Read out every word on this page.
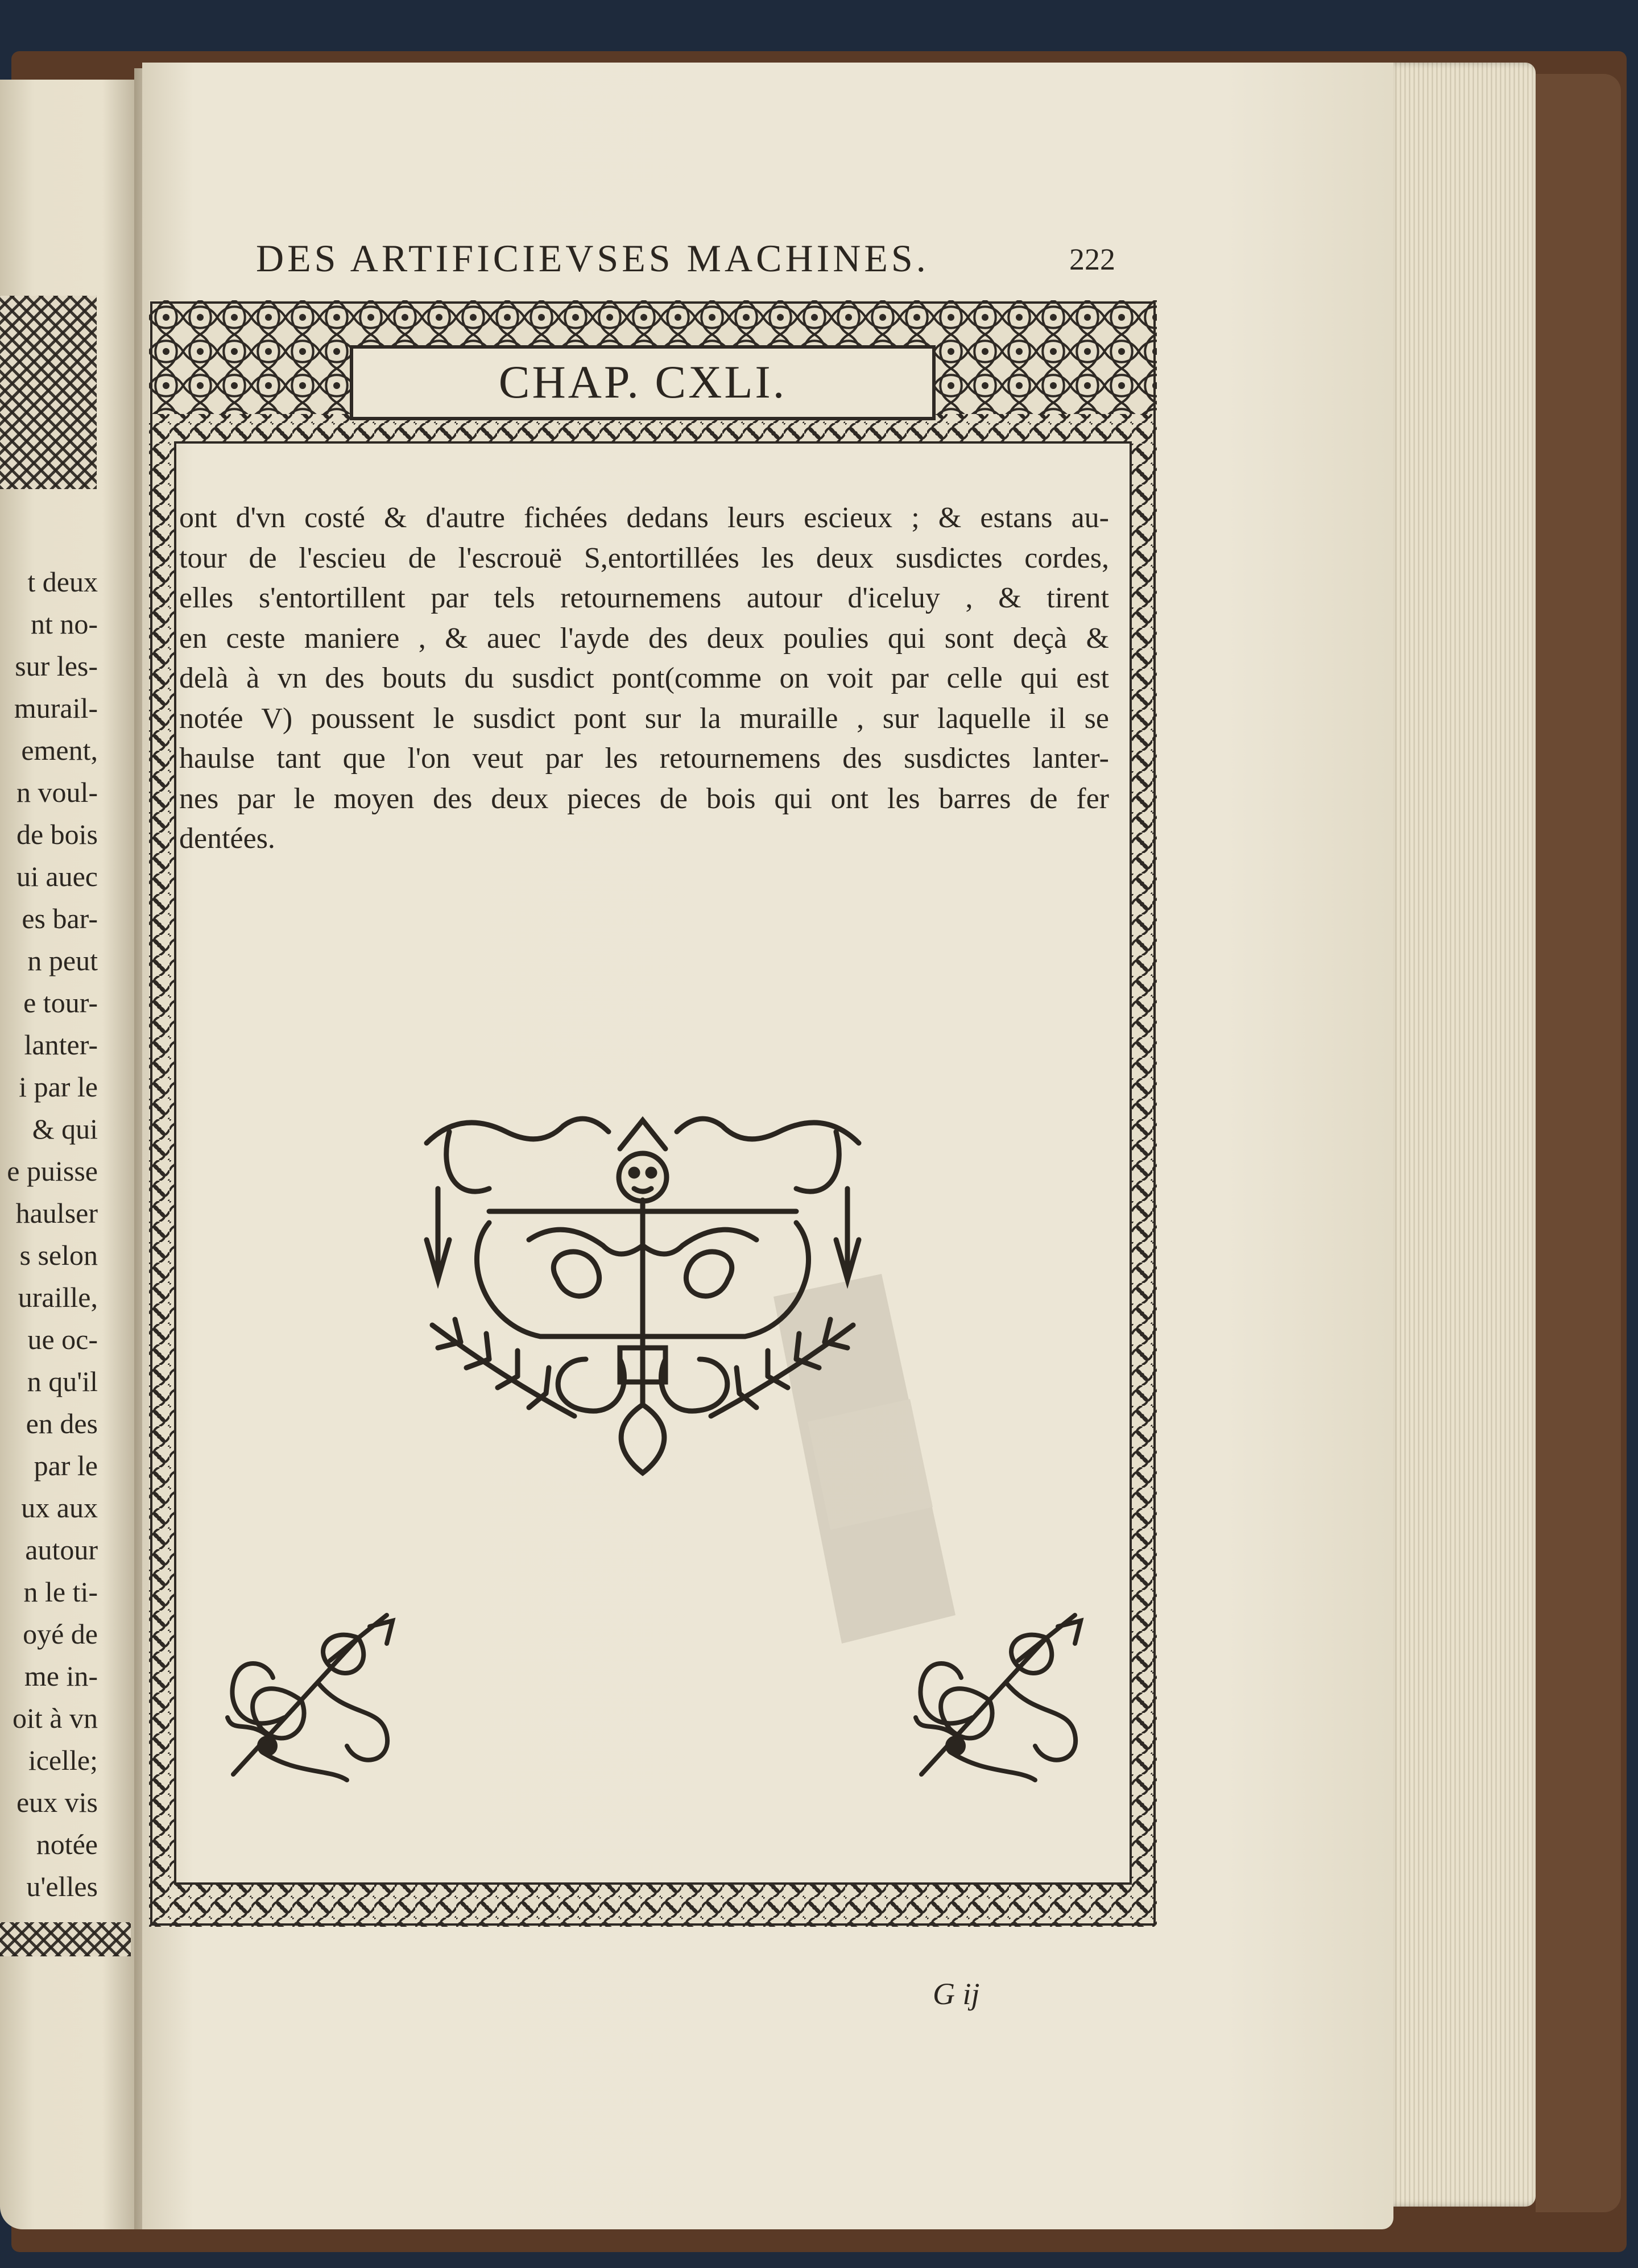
t deux
nt no-
sur les-
murail-
ement,
n voul-
de bois
ui auec
es bar-
n peut
e tour-
lanter-
i par le
& qui
e puisse
haulser
s selon
uraille,
ue oc-
n qu'il
en des
par le
ux aux
autour
n le ti-
oyé de
me in-
oit à vn
icelle;
eux vis
notée
u'elles
DES ARTIFICIEVSES MACHINES.	222
CHAP. CXLI.
ont d'vn costé & d'autre fichées dedans leurs escieux ; & estans au-
tour de l'escieu de l'escrouë S,entortillées les deux susdictes cordes,
elles s'entortillent par tels retournemens autour d'iceluy , & tirent
en ceste maniere , & auec l'ayde des deux poulies qui sont deçà &
delà à vn des bouts du susdict pont(comme on voit par celle qui est
notée V) poussent le susdict pont sur la muraille , sur laquelle il se
haulse tant que l'on veut par les retournemens des susdictes lanter-
nes par le moyen des deux pieces de bois qui ont les barres de fer
dentées.
G ij
